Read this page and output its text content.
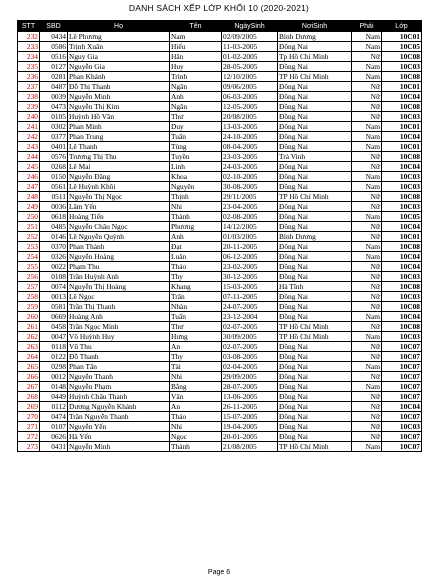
DANH SÁCH XẾP LỚP KHỐI 10 (2020-2021)
STT	SBD	Họ	Tên	NgàySinh	NơiSinh	Phái	Lớp
232	0434	Lê Phương	Nam	02/09/2005	Bình Dương	Nam	10C01
233	0586	Trịnh Xuân	Hiếu	11-03-2005	Đồng Nai	Nam	10C05
234	0516	Nguy Gia	Hân	01-02-2005	Tp Hồ Chí Minh	Nữ	10C08
235	0127	Nguyễn Gia	Huy	28-05-2005	Đồng Nai	Nam	10C03
236	0281	Phan Khánh	Trình	12/10/2005	TP Hồ Chí Minh	Nam	10C08
237	0487	Đỗ Thị Thanh	Ngân	09/06/2005	Đồng Nai	Nữ	10C01
238	0039	Nguyễn Minh	Anh	06-03-2005	Đồng Nai	Nữ	10C04
239	0473	Nguyễn Thị Kim	Ngân	12-05-2005	Đồng Nai	Nữ	10C08
240	0105	Huỳnh Hồ Vân	Thư	20/08/2005	Đồng Nai	Nữ	10C03
241	0302	Phan Minh	Duy	13-03-2005	Đồng Nai	Nam	10C01
242	0377	Phan Trung	Tuấn	24-10-2005	Đồng Nai	Nam	10C04
243	0401	Lê Thanh	Tùng	08-04-2005	Đồng Nai	Nam	10C01
244	0576	Trương Thị Thu	Tuyền	23-03-2005	Trà Vinh	Nữ	10C08
245	0268	Lê Mai	Linh	24-03-2005	Đồng Nai	Nữ	10C04
246	0150	Nguyễn Đăng	Khoa	02-10-2005	Đồng Nai	Nam	10C03
247	0561	Lê Huỳnh Khôi	Nguyên	30-08-2005	Đồng Nai	Nam	10C03
248	0511	Nguyễn Thị Ngọc	Thịnh	29/11/2005	TP Hồ Chí Minh	Nữ	10C08
249	0036	Lâm Yến	Nhi	23-04-2005	Đồng Nai	Nữ	10C03
250	0618	Hoàng Tiến	Thành	02-08-2005	Đồng Nai	Nam	10C05
251	0485	Nguyễn Châu Ngọc	Phương	14/12/2005	Đồng Nai	Nữ	10C04
252	0146	Lê Nguyễn Quỳnh	Anh	01/03/2005	Bình Dương	Nữ	10C01
253	0370	Phan Thành	Đạt	20-11-2005	Đồng Nai	Nam	10C08
254	0326	Nguyễn Hoàng	Luân	06-12-2005	Đồng Nai	Nam	10C04
255	0022	Phạm Thu	Thảo	23-02-2005	Đồng Nai	Nữ	10C04
256	0108	Trần Huỳnh Anh	Thy	30-12-2005	Đồng Nai	Nữ	10C03
257	0074	Nguyễn Thị Hoàng	Khang	15-03-2005	Hà Tĩnh	Nữ	10C08
258	0013	Lê Ngọc	Trân	07-11-2005	Đồng Nai	Nữ	10C03
259	0581	Trần Thị Thanh	Nhàn	24-07-2005	Đồng Nai	Nữ	10C08
260	0669	Hoàng Anh	Tuấn	23-12-2004	Đồng Nai	Nam	10C04
261	0458	Trần Ngọc Minh	Thư	02-07-2005	TP Hồ Chí Minh	Nữ	10C08
262	0047	Võ Huỳnh Huy	Hưng	30/09/2005	TP Hồ Chí Minh	Nam	10C03
263	0118	Vũ Thu	An	02-07-2005	Đồng Nai	Nữ	10C07
264	0122	Đỗ Thanh	Thy	03-08-2005	Đồng Nai	Nữ	10C07
265	0298	Phan Tấn	Tài	02-04-2005	Đồng Nai	Nam	10C07
266	0012	Nguyễn Thanh	Nhi	29/09/2005	Đồng Nai	Nữ	10C07
267	0148	Nguyễn Phạm	Bằng	28-07-2005	Đồng Nai	Nam	10C07
268	0449	Huỳnh Châu Thanh	Vân	13-06-2005	Đồng Nai	Nữ	10C07
269	0112	Dương Nguyễn Khánh	An	26-11-2005	Đồng Nai	Nữ	10C04
270	0474	Trần Nguyễn Thanh	Thảo	15-07-2005	Đồng Nai	Nữ	10C07
271	0107	Nguyễn Yến	Nhi	19-04-2005	Đồng Nai	Nữ	10C03
272	0626	Hà Yến	Ngọc	20-01-2005	Đồng Nai	Nữ	10C07
273	0431	Nguyễn Minh	Thành	21/08/2005	TP Hồ Chí Minh	Nam	10C07
Page 6
